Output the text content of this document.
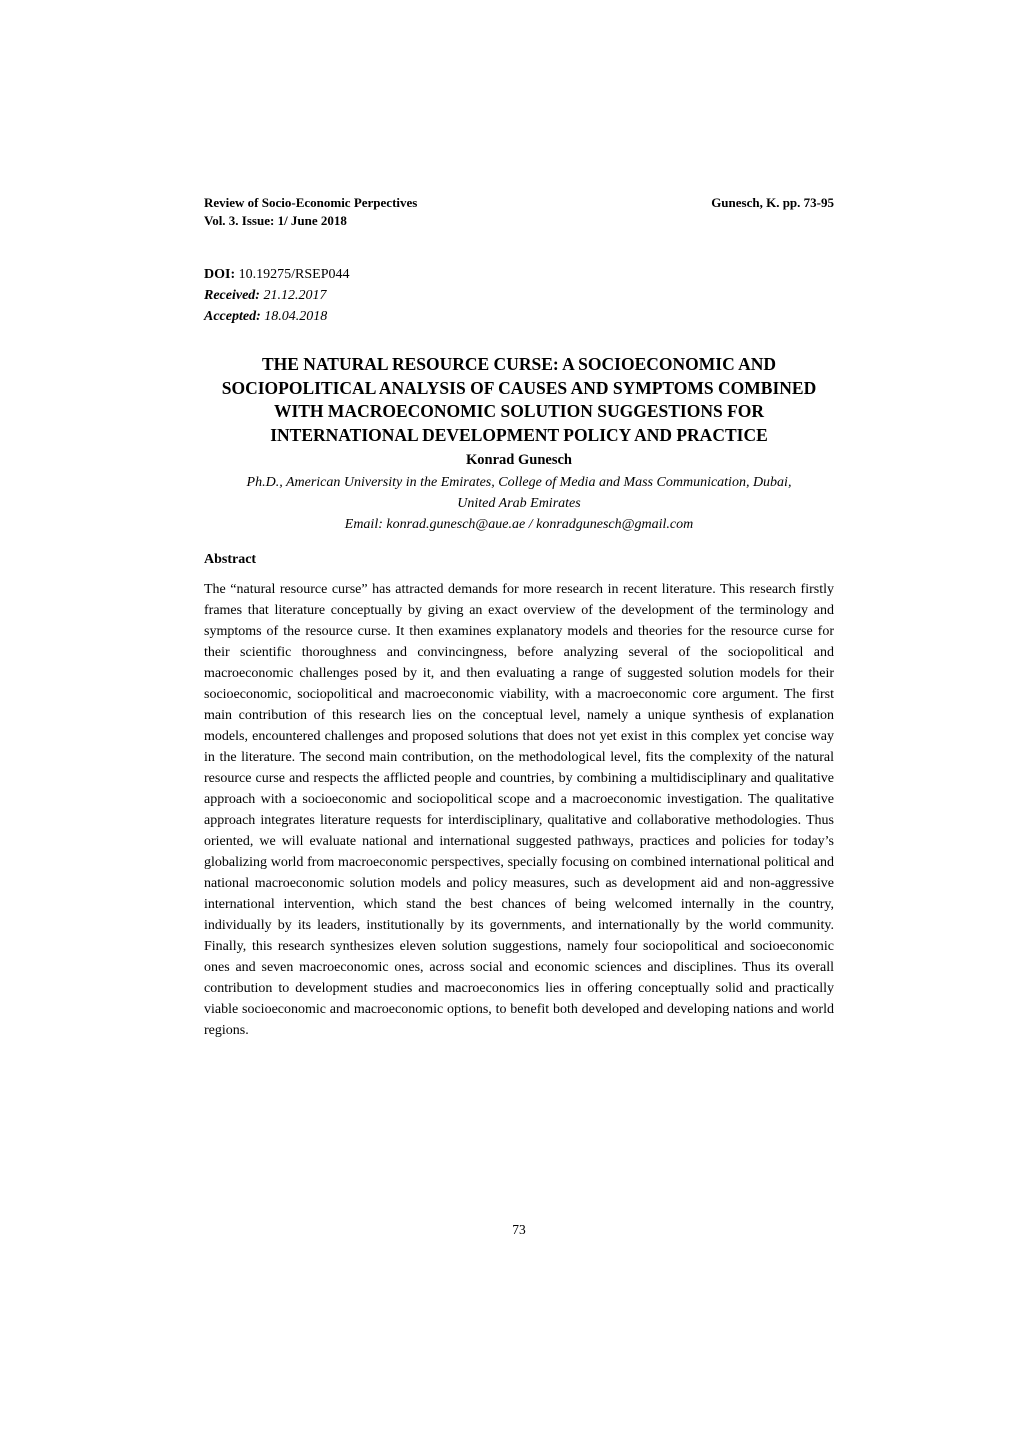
Review of Socio-Economic Perpectives
Vol. 3. Issue: 1/ June 2018
Gunesch, K. pp. 73-95
DOI: 10.19275/RSEP044
Received: 21.12.2017
Accepted: 18.04.2018
THE NATURAL RESOURCE CURSE: A SOCIOECONOMIC AND SOCIOPOLITICAL ANALYSIS OF CAUSES AND SYMPTOMS COMBINED WITH MACROECONOMIC SOLUTION SUGGESTIONS FOR INTERNATIONAL DEVELOPMENT POLICY AND PRACTICE
Konrad Gunesch
Ph.D., American University in the Emirates, College of Media and Mass Communication, Dubai, United Arab Emirates
Email: konrad.gunesch@aue.ae / konradgunesch@gmail.com
Abstract
The “natural resource curse” has attracted demands for more research in recent literature. This research firstly frames that literature conceptually by giving an exact overview of the development of the terminology and symptoms of the resource curse. It then examines explanatory models and theories for the resource curse for their scientific thoroughness and convincingness, before analyzing several of the sociopolitical and macroeconomic challenges posed by it, and then evaluating a range of suggested solution models for their socioeconomic, sociopolitical and macroeconomic viability, with a macroeconomic core argument. The first main contribution of this research lies on the conceptual level, namely a unique synthesis of explanation models, encountered challenges and proposed solutions that does not yet exist in this complex yet concise way in the literature. The second main contribution, on the methodological level, fits the complexity of the natural resource curse and respects the afflicted people and countries, by combining a multidisciplinary and qualitative approach with a socioeconomic and sociopolitical scope and a macroeconomic investigation. The qualitative approach integrates literature requests for interdisciplinary, qualitative and collaborative methodologies. Thus oriented, we will evaluate national and international suggested pathways, practices and policies for today’s globalizing world from macroeconomic perspectives, specially focusing on combined international political and national macroeconomic solution models and policy measures, such as development aid and non-aggressive international intervention, which stand the best chances of being welcomed internally in the country, individually by its leaders, institutionally by its governments, and internationally by the world community. Finally, this research synthesizes eleven solution suggestions, namely four sociopolitical and socioeconomic ones and seven macroeconomic ones, across social and economic sciences and disciplines. Thus its overall contribution to development studies and macroeconomics lies in offering conceptually solid and practically viable socioeconomic and macroeconomic options, to benefit both developed and developing nations and world regions.
73
